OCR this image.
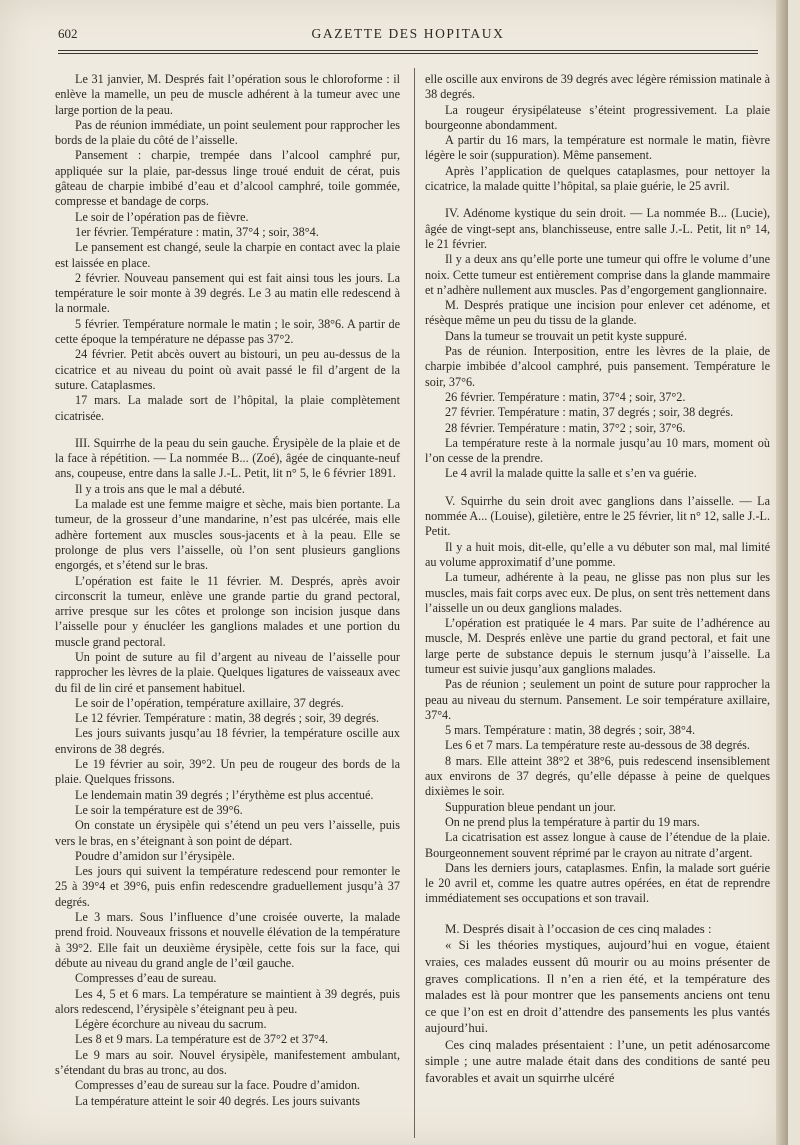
602	GAZETTE DES HOPITAUX

Le 31 janvier, M. Després fait l’opération sous le chloroforme : il enlève la mamelle, un peu de muscle adhérent à la tumeur avec une large portion de la peau.

Pas de réunion immédiate, un point seulement pour rapprocher les bords de la plaie du côté de l’aisselle.

Pansement : charpie, trempée dans l’alcool camphré pur, appliquée sur la plaie, par-dessus linge troué enduit de cérat, puis gâteau de charpie imbibé d’eau et d’alcool camphré, toile gommée, compresse et bandage de corps.

Le soir de l’opération pas de fièvre.

1er février. Température : matin, 37°4 ; soir, 38°4.

Le pansement est changé, seule la charpie en contact avec la plaie est laissée en place.

2 février. Nouveau pansement qui est fait ainsi tous les jours. La température le soir monte à 39 degrés. Le 3 au matin elle redescend à la normale.

5 février. Température normale le matin ; le soir, 38°6. A partir de cette époque la température ne dépasse pas 37°2.

24 février. Petit abcès ouvert au bistouri, un peu au-dessus de la cicatrice et au niveau du point où avait passé le fil d’argent de la suture. Cataplasmes.

17 mars. La malade sort de l’hôpital, la plaie complètement cicatrisée.

III. Squirrhe de la peau du sein gauche. Érysipèle de la plaie et de la face à répétition. — La nommée B... (Zoé), âgée de cinquante-neuf ans, coupeuse, entre dans la salle J.-L. Petit, lit n° 5, le 6 février 1891.

Il y a trois ans que le mal a débuté.

La malade est une femme maigre et sèche, mais bien portante. La tumeur, de la grosseur d’une mandarine, n’est pas ulcérée, mais elle adhère fortement aux muscles sous-jacents et à la peau. Elle se prolonge de plus vers l’aisselle, où l’on sent plusieurs ganglions engorgés, et s’étend sur le bras.

L’opération est faite le 11 février. M. Després, après avoir circonscrit la tumeur, enlève une grande partie du grand pectoral, arrive presque sur les côtes et prolonge son incision jusque dans l’aisselle pour y énucléer les ganglions malades et une portion du muscle grand pectoral.

Un point de suture au fil d’argent au niveau de l’aisselle pour rapprocher les lèvres de la plaie. Quelques ligatures de vaisseaux avec du fil de lin ciré et pansement habituel.

Le soir de l’opération, température axillaire, 37 degrés.

Le 12 février. Température : matin, 38 degrés ; soir, 39 degrés.

Les jours suivants jusqu’au 18 février, la température oscille aux environs de 38 degrés.

Le 19 février au soir, 39°2. Un peu de rougeur des bords de la plaie. Quelques frissons.

Le lendemain matin 39 degrés ; l’érythème est plus accentué.

Le soir la température est de 39°6.

On constate un érysipèle qui s’étend un peu vers l’aisselle, puis vers le bras, en s’éteignant à son point de départ.

Poudre d’amidon sur l’érysipèle.

Les jours qui suivent la température redescend pour remonter le 25 à 39°4 et 39°6, puis enfin redescendre graduellement jusqu’à 37 degrés.

Le 3 mars. Sous l’influence d’une croisée ouverte, la malade prend froid. Nouveaux frissons et nouvelle élévation de la température à 39°2. Elle fait un deuxième érysipèle, cette fois sur la face, qui débute au niveau du grand angle de l’œil gauche.

Compresses d’eau de sureau.

Les 4, 5 et 6 mars. La température se maintient à 39 degrés, puis alors redescend, l’érysipèle s’éteignant peu à peu.

Légère écorchure au niveau du sacrum.

Les 8 et 9 mars. La température est de 37°2 et 37°4.

Le 9 mars au soir. Nouvel érysipèle, manifestement ambulant, s’étendant du bras au tronc, au dos.

Compresses d’eau de sureau sur la face. Poudre d’amidon.

La température atteint le soir 40 degrés. Les jours suivants

elle oscille aux environs de 39 degrés avec légère rémission matinale à 38 degrés.

La rougeur érysipélateuse s’éteint progressivement. La plaie bourgeonne abondamment.

A partir du 16 mars, la température est normale le matin, fièvre légère le soir (suppuration). Même pansement.

Après l’application de quelques cataplasmes, pour nettoyer la cicatrice, la malade quitte l’hôpital, sa plaie guérie, le 25 avril.

IV. Adénome kystique du sein droit. — La nommée B... (Lucie), âgée de vingt-sept ans, blanchisseuse, entre salle J.-L. Petit, lit n° 14, le 21 février.

Il y a deux ans qu’elle porte une tumeur qui offre le volume d’une noix. Cette tumeur est entièrement comprise dans la glande mammaire et n’adhère nullement aux muscles. Pas d’engorgement ganglionnaire.

M. Després pratique une incision pour enlever cet adénome, et résèque même un peu du tissu de la glande.

Dans la tumeur se trouvait un petit kyste suppuré.

Pas de réunion. Interposition, entre les lèvres de la plaie, de charpie imbibée d’alcool camphré, puis pansement. Température le soir, 37°6.

26 février. Température : matin, 37°4 ; soir, 37°2.

27 février. Température : matin, 37 degrés ; soir, 38 degrés.

28 février. Température : matin, 37°2 ; soir, 37°6.

La température reste à la normale jusqu’au 10 mars, moment où l’on cesse de la prendre.

Le 4 avril la malade quitte la salle et s’en va guérie.

V. Squirrhe du sein droit avec ganglions dans l’aisselle. — La nommée A... (Louise), giletière, entre le 25 février, lit n° 12, salle J.-L. Petit.

Il y a huit mois, dit-elle, qu’elle a vu débuter son mal, mal limité au volume approximatif d’une pomme.

La tumeur, adhérente à la peau, ne glisse pas non plus sur les muscles, mais fait corps avec eux. De plus, on sent très nettement dans l’aisselle un ou deux ganglions malades.

L’opération est pratiquée le 4 mars. Par suite de l’adhérence au muscle, M. Després enlève une partie du grand pectoral, et fait une large perte de substance depuis le sternum jusqu’à l’aisselle. La tumeur est suivie jusqu’aux ganglions malades.

Pas de réunion ; seulement un point de suture pour rapprocher la peau au niveau du sternum. Pansement. Le soir température axillaire, 37°4.

5 mars. Température : matin, 38 degrés ; soir, 38°4.

Les 6 et 7 mars. La température reste au-dessous de 38 degrés.

8 mars. Elle atteint 38°2 et 38°6, puis redescend insensiblement aux environs de 37 degrés, qu’elle dépasse à peine de quelques dixièmes le soir.

Suppuration bleue pendant un jour.

On ne prend plus la température à partir du 19 mars.

La cicatrisation est assez longue à cause de l’étendue de la plaie. Bourgeonnement souvent réprimé par le crayon au nitrate d’argent.

Dans les derniers jours, cataplasmes. Enfin, la malade sort guérie le 20 avril et, comme les quatre autres opérées, en état de reprendre immédiatement ses occupations et son travail.

M. Després disait à l’occasion de ces cinq malades :

« Si les théories mystiques, aujourd’hui en vogue, étaient vraies, ces malades eussent dû mourir ou au moins présenter de graves complications. Il n’en a rien été, et la température des malades est là pour montrer que les pansements anciens ont tenu ce que l’on est en droit d’attendre des pansements les plus vantés aujourd’hui.

Ces cinq malades présentaient : l’une, un petit adénosarcome simple ; une autre malade était dans des conditions de santé peu favorables et avait un squirrhe ulcéré
